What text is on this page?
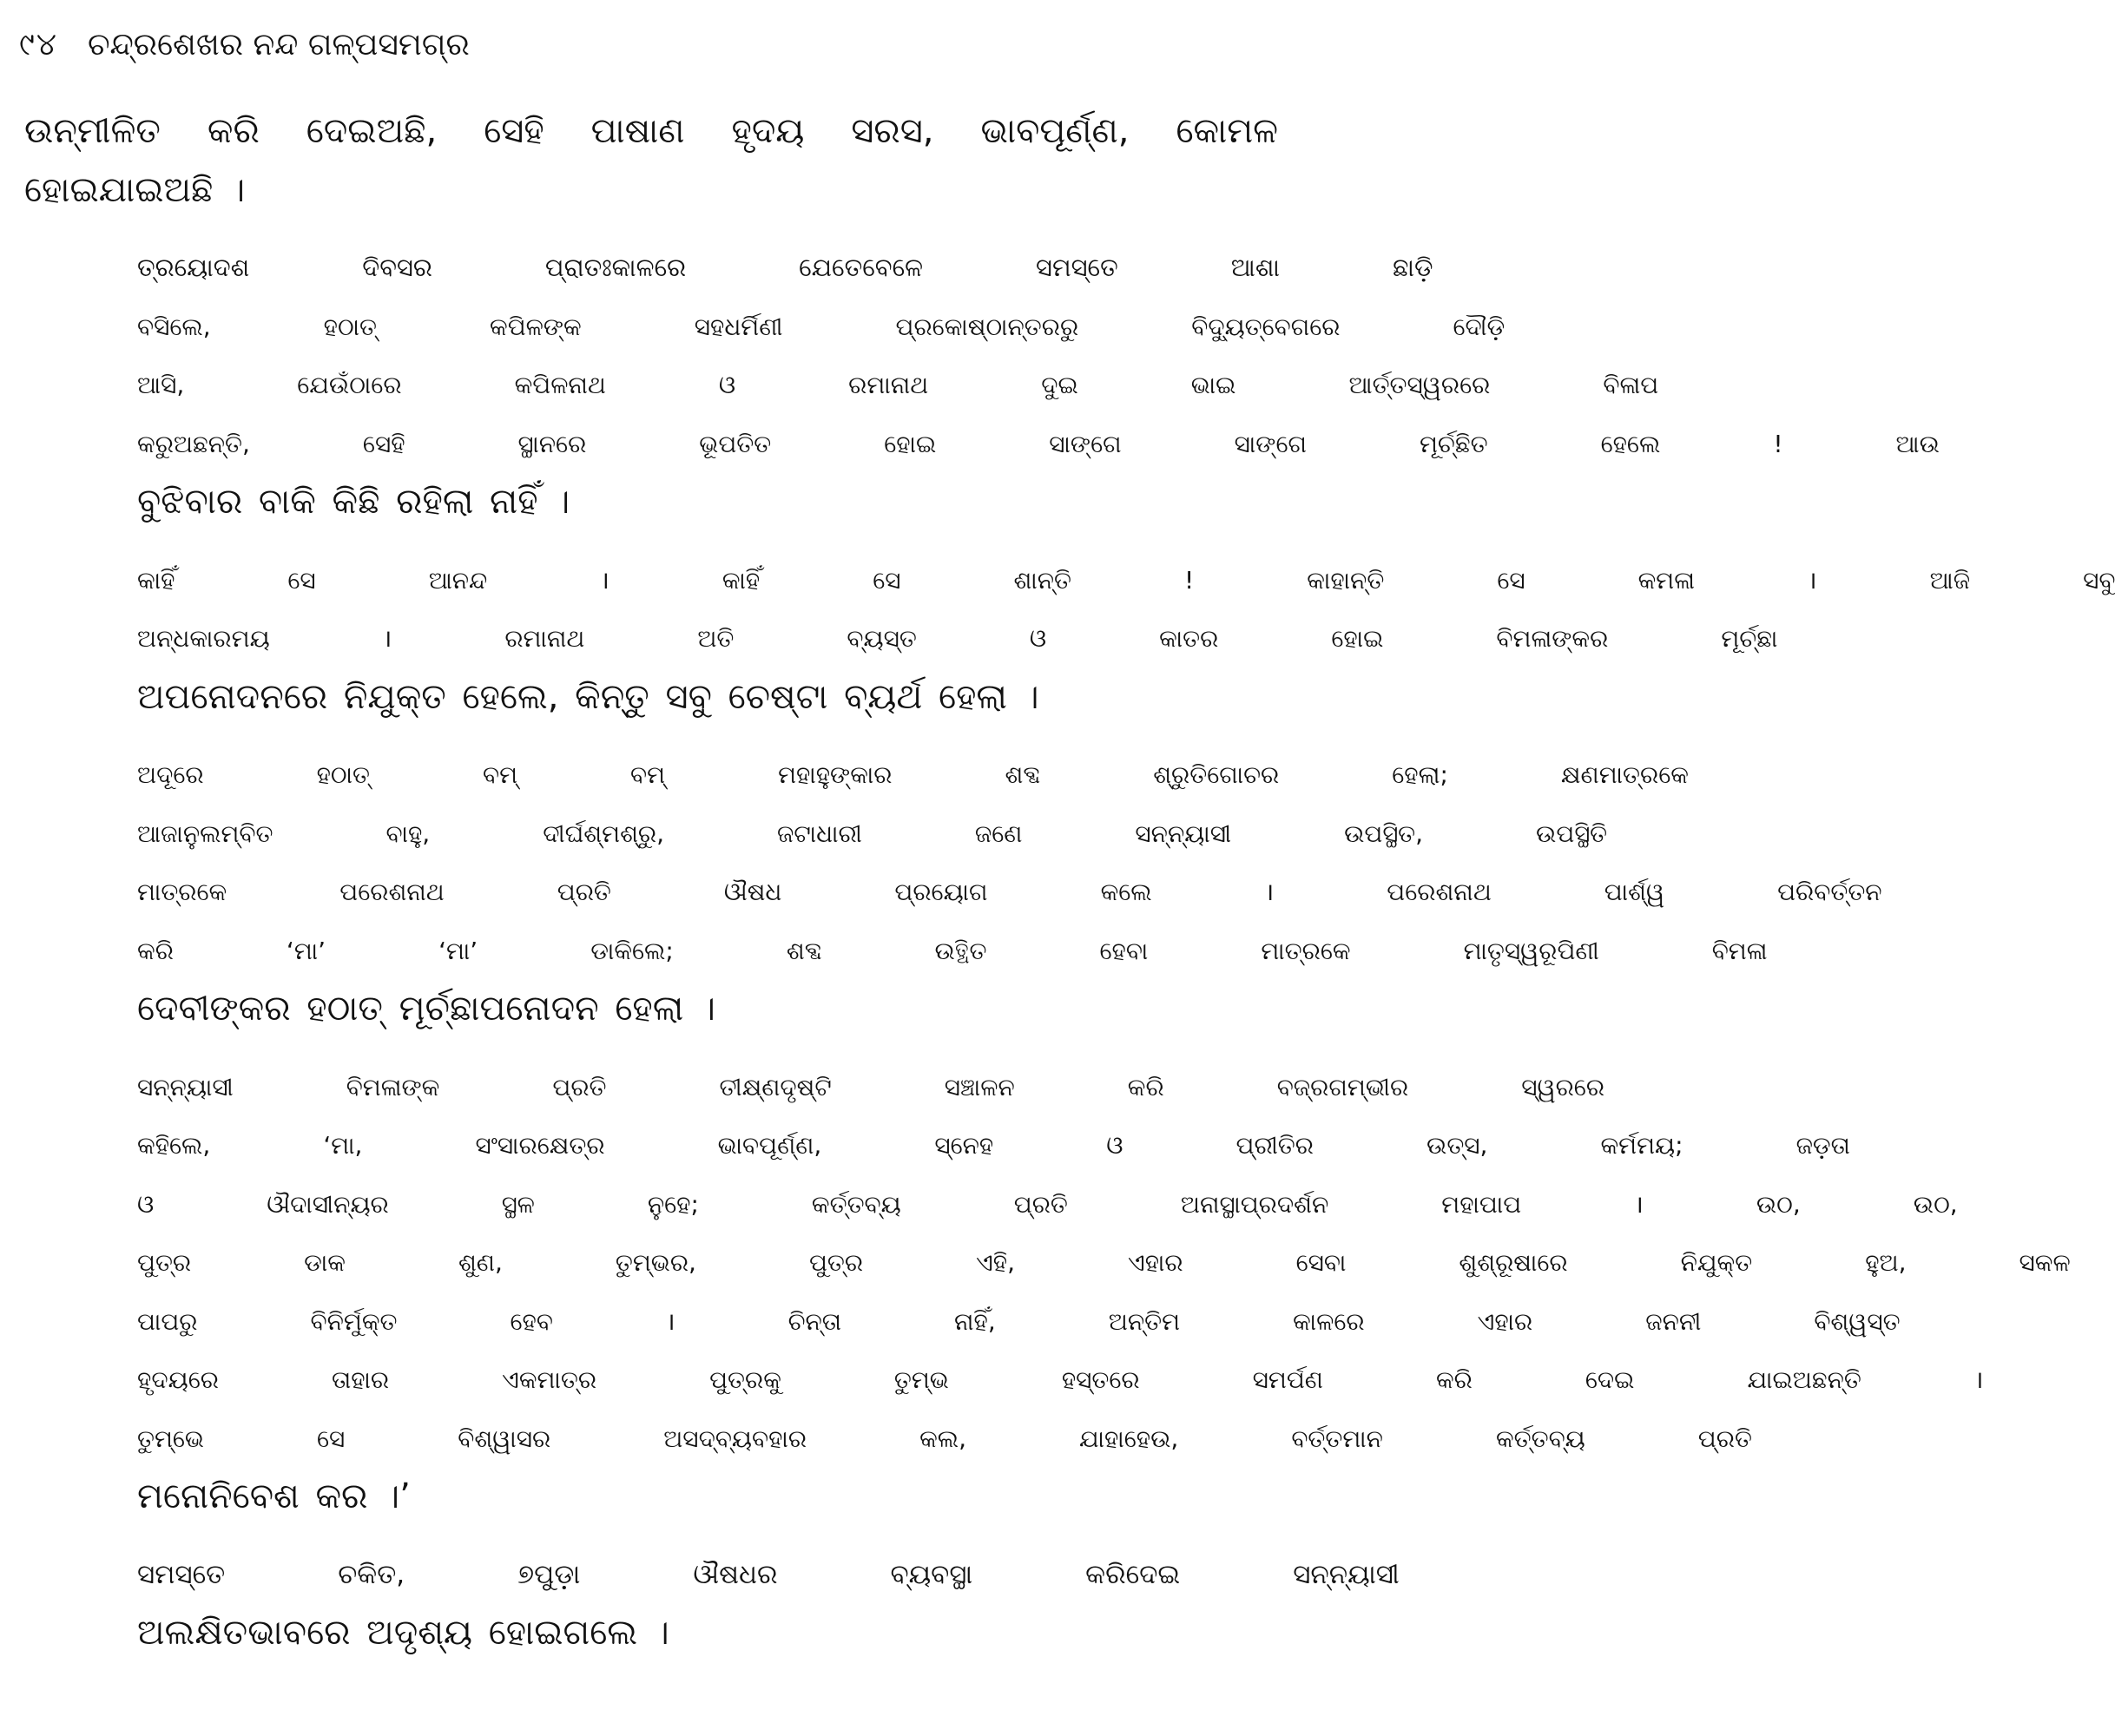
୯୪ ଚନ୍ଦ୍ରଶେଖର ନନ୍ଦ ଗଳ୍ପସମଗ୍ର

ଉନ୍ମୀଳିତ କରି ଦେଇଅଛି, ସେହି ପାଷାଣ ହୃଦୟ ସରସ, ଭାବପୂର୍ଣ୍ଣ, କୋମଳ
ହୋଇଯାଇଅଛି ।

ତ୍ରୟୋଦଶ	ଦିବସର	ପ୍ରାତଃକାଳରେ	ଯେତେବେଳେ	ସମସ୍ତେ	ଆଶା	ଛାଡ଼ି
ବସିଲେ,	ହଠାତ୍	କପିଳଙ୍କ	ସହଧର୍ମିଣୀ	ପ୍ରକୋଷ୍ଠାନ୍ତରରୁ	ବିଦ୍ୟୁତ୍‌ବେଗରେ	ଦୌଡ଼ି
ଆସି,	ଯେଉଁଠାରେ	କପିଳନାଥ	ଓ	ରମାନାଥ	ଦୁଇ	ଭାଇ	ଆର୍ତ୍ତସ୍ୱରରେ	ବିଳାପ
କରୁଅଛନ୍ତି,	ସେହି	ସ୍ଥାନରେ	ଭୂପତିତ	ହୋଇ	ସାଙ୍ଗେ	ସାଙ୍ଗେ	ମୂର୍ଚ୍ଛିତ	ହେଲେ	!	ଆଉ
ବୁଝିବାର ବାକି କିଛି ରହିଲା ନାହିଁ ।

କାହିଁ	ସେ	ଆନନ୍ଦ	।	କାହିଁ	ସେ	ଶାନ୍ତି	!	କାହାନ୍ତି	ସେ	କମଳା	।	ଆଜି	ସବୁ
ଅନ୍ଧକାରମୟ	।	ରମାନାଥ	ଅତି	ବ୍ୟସ୍ତ	ଓ	କାତର	ହୋଇ	ବିମଳାଙ୍କର	ମୂର୍ଚ୍ଛା
ଅପନୋଦନରେ ନିଯୁକ୍ତ ହେଲେ, କିନ୍ତୁ ସବୁ ଚେଷ୍ଟା ବ୍ୟର୍ଥ ହେଲା ।

ଅଦୂରେ	ହଠାତ୍	ବମ୍	ବମ୍	ମହାହୁଙ୍କାର	ଶବ୍ଦ	ଶ୍ରୁତିଗୋଚର	ହେଲା;	କ୍ଷଣମାତ୍ରକେ
ଆଜାନୁଲମ୍ବିତ	ବାହୁ,	ଦୀର୍ଘଶ୍ମଶ୍ରୁ,	ଜଟାଧାରୀ	ଜଣେ	ସନ୍ନ୍ୟାସୀ	ଉପସ୍ଥିତ,	ଉପସ୍ଥିତି
ମାତ୍ରକେ	ପରେଶନାଥ	ପ୍ରତି	ଔଷଧ	ପ୍ରୟୋଗ	କଲେ	।	ପରେଶନାଥ	ପାର୍ଶ୍ୱ	ପରିବର୍ତ୍ତନ
କରି	‘ମା’	‘ମା’	ଡାକିଲେ;	ଶବ୍ଦ	ଉତ୍ଥିତ	ହେବା	ମାତ୍ରକେ	ମାତୃସ୍ୱରୂପିଣୀ	ବିମଳା
ଦେବୀଙ୍କର ହଠାତ୍ ମୂର୍ଚ୍ଛାପନୋଦନ ହେଲା ।

ସନ୍ନ୍ୟାସୀ	ବିମଳାଙ୍କ	ପ୍ରତି	ତୀକ୍ଷ୍ଣଦୃଷ୍ଟି	ସଞ୍ଚାଳନ	କରି	ବଜ୍ରଗମ୍ଭୀର	ସ୍ୱରରେ
କହିଲେ,	‘ମା,	ସଂସାରକ୍ଷେତ୍ର	ଭାବପୂର୍ଣ୍ଣ,	ସ୍ନେହ	ଓ	ପ୍ରୀତିର	ଉତ୍ସ,	କର୍ମମୟ;	ଜଡ଼ତା
ଓ	ଔଦାସୀନ୍ୟର	ସ୍ଥଳ	ନୁହେ;	କର୍ତ୍ତବ୍ୟ	ପ୍ରତି	ଅନାସ୍ଥାପ୍ରଦର୍ଶନ	ମହାପାପ	।	ଉଠ,	ଉଠ,
ପୁତ୍ର	ଡାକ	ଶୁଣ,	ତୁମ୍ଭର,	ପୁତ୍ର	ଏହି,	ଏହାର	ସେବା	ଶୁଶ୍ରୂଷାରେ	ନିଯୁକ୍ତ	ହୁଅ,	ସକଳ
ପାପରୁ	ବିନିର୍ମୁକ୍ତ	ହେବ	।	ଚିନ୍ତା	ନାହିଁ,	ଅନ୍ତିମ	କାଳରେ	ଏହାର	ଜନନୀ	ବିଶ୍ୱସ୍ତ
ହୃଦୟରେ	ତାହାର	ଏକମାତ୍ର	ପୁତ୍ରକୁ	ତୁମ୍ଭ	ହସ୍ତରେ	ସମର୍ପଣ	କରି	ଦେଇ	ଯାଇଅଛନ୍ତି	।
ତୁମ୍ଭେ	ସେ	ବିଶ୍ୱାସର	ଅସଦ୍‌ବ୍ୟବହାର	କଲ,	ଯାହାହେଉ,	ବର୍ତ୍ତମାନ	କର୍ତ୍ତବ୍ୟ	ପ୍ରତି
ମନୋନିବେଶ କର ।’

ସମସ୍ତେ	ଚକିତ,	୭ପୁଡ଼ା	ଔଷଧର	ବ୍ୟବସ୍ଥା	କରିଦେଇ	ସନ୍ନ୍ୟାସୀ
ଅଲକ୍ଷିତଭାବରେ ଅଦୃଶ୍ୟ ହୋଇଗଲେ ।
